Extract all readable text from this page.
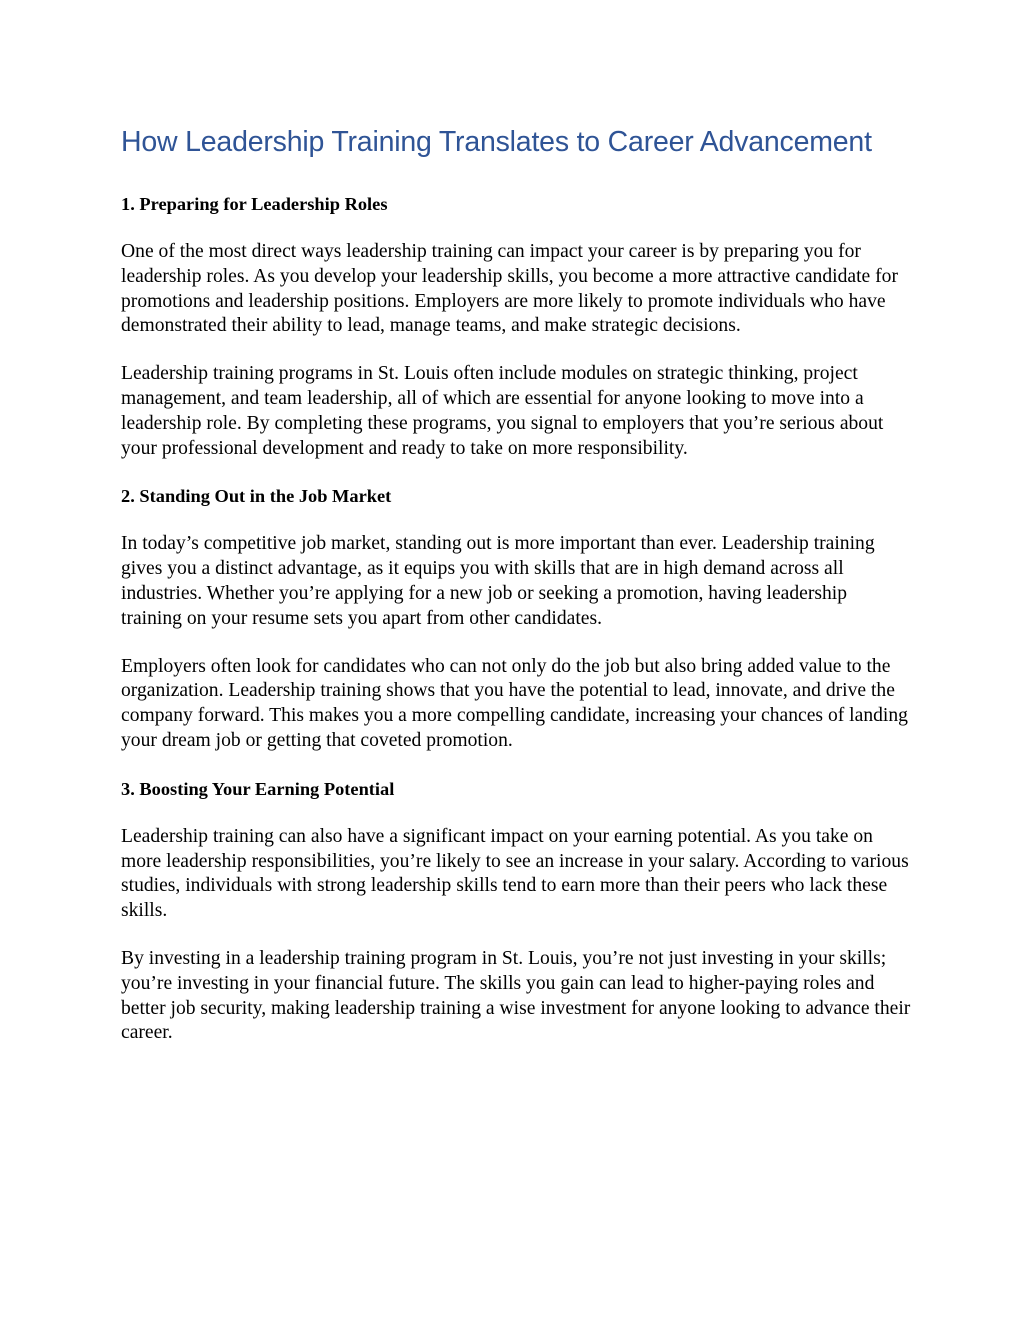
How Leadership Training Translates to Career Advancement
1. Preparing for Leadership Roles

One of the most direct ways leadership training can impact your career is by preparing you for leadership roles. As you develop your leadership skills, you become a more attractive candidate for promotions and leadership positions. Employers are more likely to promote individuals who have demonstrated their ability to lead, manage teams, and make strategic decisions.

Leadership training programs in St. Louis often include modules on strategic thinking, project management, and team leadership, all of which are essential for anyone looking to move into a leadership role. By completing these programs, you signal to employers that you’re serious about your professional development and ready to take on more responsibility.

2. Standing Out in the Job Market

In today’s competitive job market, standing out is more important than ever. Leadership training gives you a distinct advantage, as it equips you with skills that are in high demand across all industries. Whether you’re applying for a new job or seeking a promotion, having leadership training on your resume sets you apart from other candidates.

Employers often look for candidates who can not only do the job but also bring added value to the organization. Leadership training shows that you have the potential to lead, innovate, and drive the company forward. This makes you a more compelling candidate, increasing your chances of landing your dream job or getting that coveted promotion.

3. Boosting Your Earning Potential

Leadership training can also have a significant impact on your earning potential. As you take on more leadership responsibilities, you’re likely to see an increase in your salary. According to various studies, individuals with strong leadership skills tend to earn more than their peers who lack these skills.

By investing in a leadership training program in St. Louis, you’re not just investing in your skills; you’re investing in your financial future. The skills you gain can lead to higher-paying roles and better job security, making leadership training a wise investment for anyone looking to advance their career.
